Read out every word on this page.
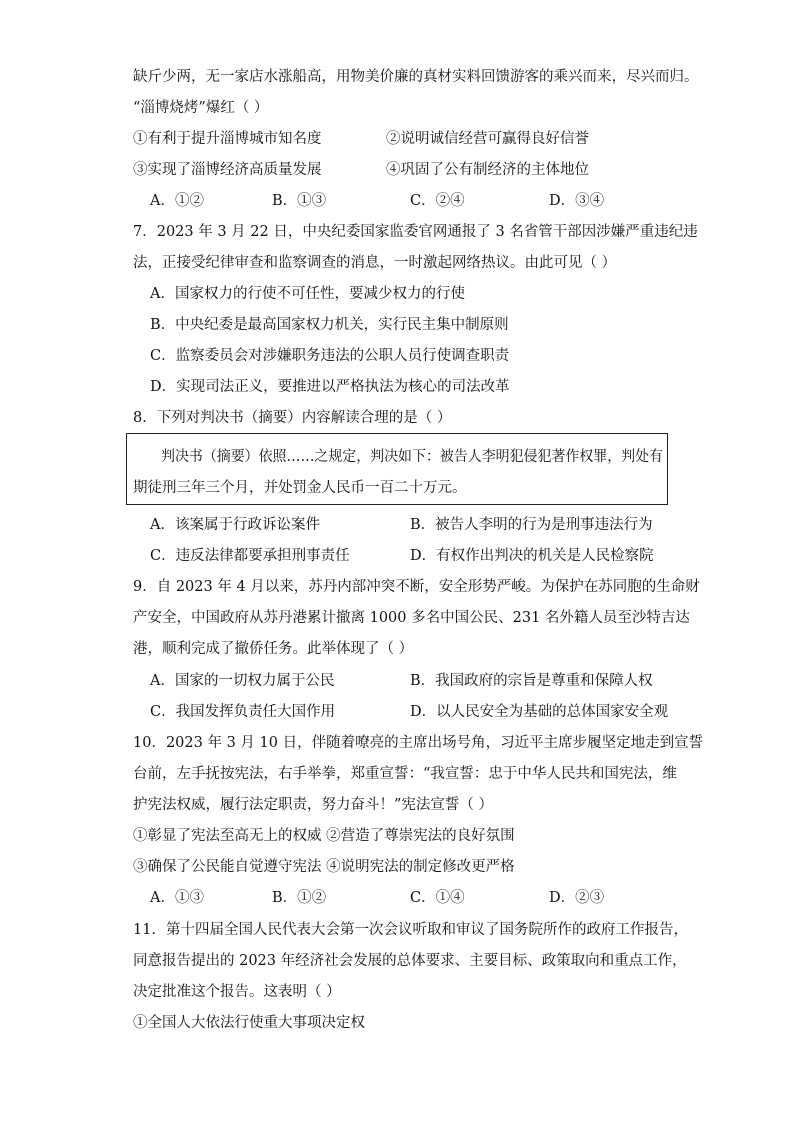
缺斤少两，无一家店水涨船高，用物美价廉的真材实料回馈游客的乘兴而来，尽兴而归。
“淄博烧烤”爆红（ ）
①有利于提升淄博城市知名度	②说明诚信经营可赢得良好信誉
③实现了淄博经济高质量发展	④巩固了公有制经济的主体地位
A．①②	B．①③	C．②④	D．③④
7．2023 年 3 月 22 日，中央纪委国家监委官网通报了 3 名省管干部因涉嫌严重违纪违
法，正接受纪律审查和监察调查的消息，一时激起网络热议。由此可见（ ）
A．国家权力的行使不可任性，要减少权力的行使
B．中央纪委是最高国家权力机关，实行民主集中制原则
C．监察委员会对涉嫌职务违法的公职人员行使调查职责
D．实现司法正义，要推进以严格执法为核心的司法改革
8．下列对判决书（摘要）内容解读合理的是（ ）
判决书（摘要）依照……之规定，判决如下：被告人李明犯侵犯著作权罪，判处有
期徒刑三年三个月，并处罚金人民币一百二十万元。
A．该案属于行政诉讼案件	B．被告人李明的行为是刑事违法行为
C．违反法律都要承担刑事责任	D．有权作出判决的机关是人民检察院
9．自 2023 年 4 月以来，苏丹内部冲突不断，安全形势严峻。为保护在苏同胞的生命财
产安全，中国政府从苏丹港累计撤离 1000 多名中国公民、231 名外籍人员至沙特吉达
港，顺利完成了撤侨任务。此举体现了（ ）
A．国家的一切权力属于公民	B．我国政府的宗旨是尊重和保障人权
C．我国发挥负责任大国作用	D．以人民安全为基础的总体国家安全观
10．2023 年 3 月 10 日，伴随着嘹亮的主席出场号角，习近平主席步履坚定地走到宣誓
台前，左手抚按宪法，右手举拳，郑重宣誓：“我宣誓：忠于中华人民共和国宪法，维
护宪法权威，履行法定职责，努力奋斗！”宪法宣誓（ ）
①彰显了宪法至高无上的权威 ②营造了尊崇宪法的良好氛围
③确保了公民能自觉遵守宪法 ④说明宪法的制定修改更严格
A．①③	B．①②	C．①④	D．②③
11．第十四届全国人民代表大会第一次会议听取和审议了国务院所作的政府工作报告，
同意报告提出的 2023 年经济社会发展的总体要求、主要目标、政策取向和重点工作，
决定批准这个报告。这表明（ ）
①全国人大依法行使重大事项决定权
